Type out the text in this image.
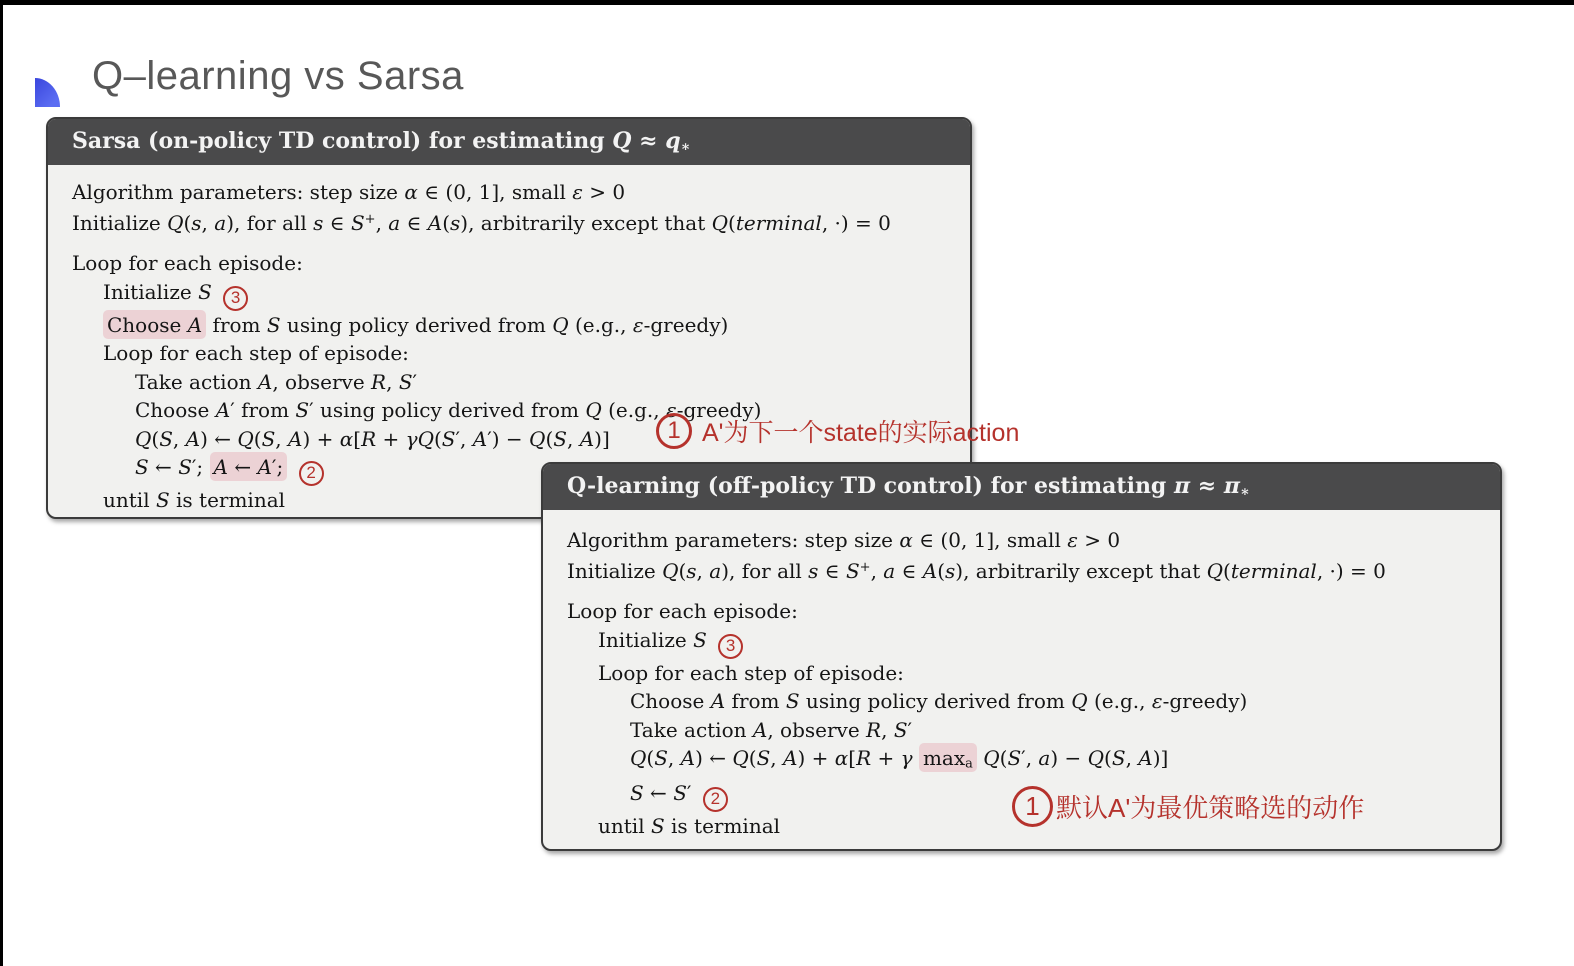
Q–learning vs Sarsa
Sarsa (on-policy TD control) for estimating Q ≈ q∗
Algorithm parameters: step size α ∈ (0, 1], small ε > 0
Initialize Q(s, a), for all s ∈ S+, a ∈ A(s), arbitrarily except that Q(terminal, ·) = 0
Loop for each episode:
Initialize S 3
Choose A from S using policy derived from Q (e.g., ε-greedy)
Loop for each step of episode:
Take action A, observe R, S′
Choose A′ from S′ using policy derived from Q (e.g., ε-greedy)
Q(S, A) ← Q(S, A) + α[R + γQ(S′, A′) − Q(S, A)]
S ← S′; A ← A′; 2
until S is terminal
Q-learning (off-policy TD control) for estimating π ≈ π∗
Algorithm parameters: step size α ∈ (0, 1], small ε > 0
Initialize Q(s, a), for all s ∈ S+, a ∈ A(s), arbitrarily except that Q(terminal, ·) = 0
Loop for each episode:
Initialize S 3
Loop for each step of episode:
Choose A from S using policy derived from Q (e.g., ε-greedy)
Take action A, observe R, S′
Q(S, A) ← Q(S, A) + α[R + γ maxa Q(S′, a) − Q(S, A)]
S ← S′ 2
until S is terminal
1 A'为下一个state的实际action
1 默认A'为最优策略选的动作
